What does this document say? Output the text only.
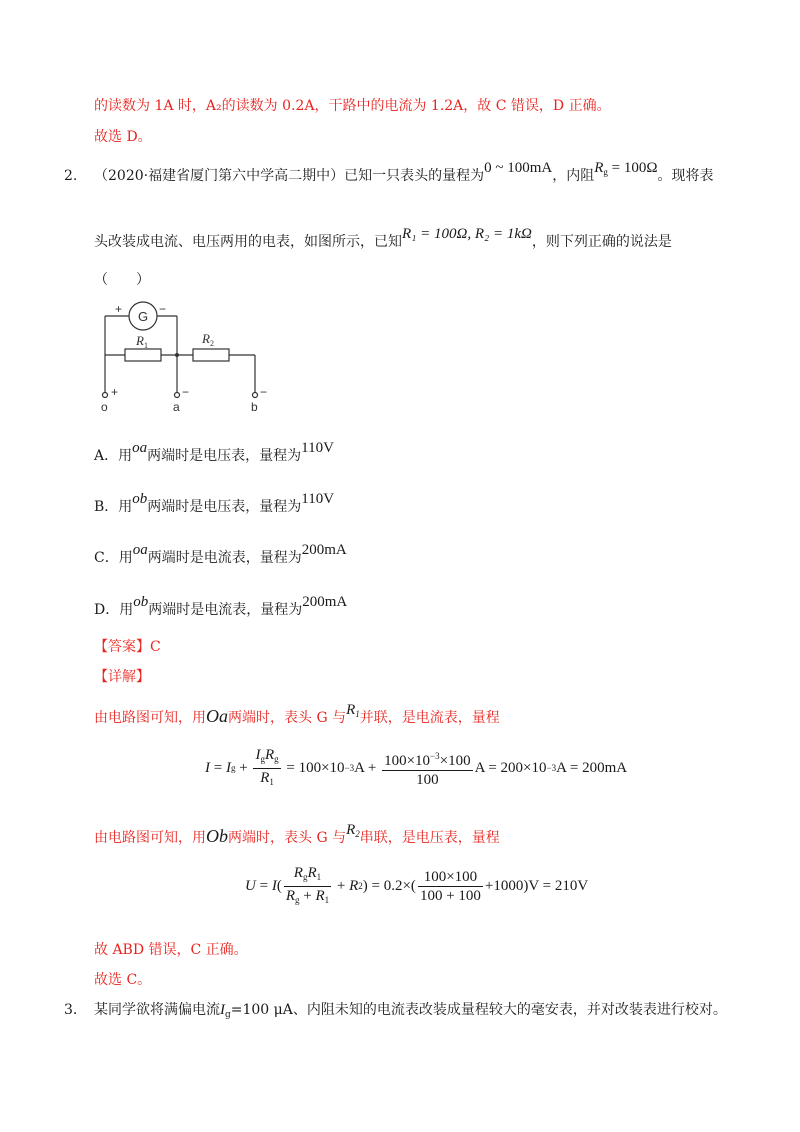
的读数为 1A 时，A₂的读数为 0.2A，干路中的电流为 1.2A，故 C 错误，D 正确。
故选 D。
2. （2020·福建省厦门第六中学高二期中）已知一只表头的量程为0 ~ 100mA，内阻$R_g = 100\Omega$。现将表
头改装成电流、电压两用的电表，如图所示，已知R₁ = 100Ω, R₂ = 1kΩ，则下列正确的说法是
（　　）
+	−
G
$R_1$	$R_2$
+	−	−
o	a	b
A．用oa两端时是电压表，量程为110V
B．用ob两端时是电压表，量程为110V
C．用oa两端时是电流表，量程为200mA
D．用ob两端时是电流表，量程为200mA
【答案】C
【详解】
由电路图可知，用Oa两端时，表头 G 与$R_1$并联，是电流表，量程
I = I $g + \frac{I_gR_g}{R_1} = 100\times 10 -3$ $A + \frac{100\times 10^{-3}\times 100}{100}$ A = 200×10 −3 A = 200mA
由电路图可知，用Ob两端时，表头 G 与$R_2$串联，是电压表，量程
U = I ( $\frac{R_gR_1}{R_g + R_1} + R$ 2 ) = $0.2\times( \frac{100\times 100}{100 + 100} +1000)V = 210V$
故 ABD 错误，C 正确。
故选 C。
3. 某同学欲将满偏电流$I_g=100$ μA、内阻未知的电流表改装成量程较大的毫安表，并对改装表进行校对。
